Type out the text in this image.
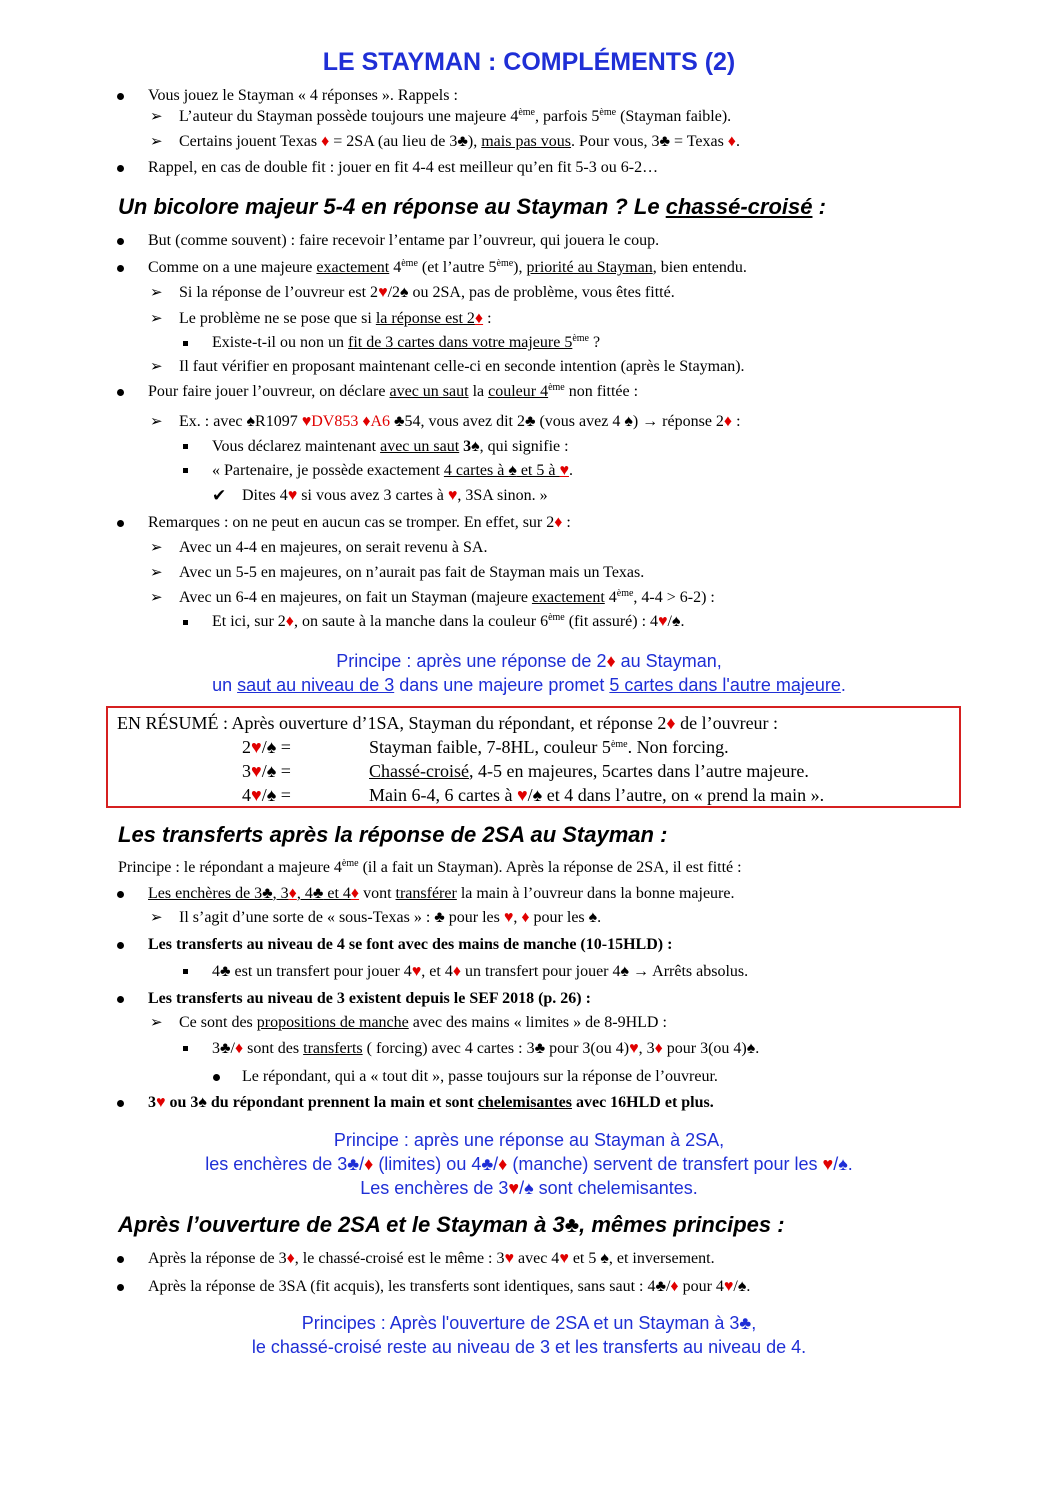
LE STAYMAN : COMPLÉMENTS (2)
Vous jouez le Stayman « 4 réponses ». Rappels :
➢ L’auteur du Stayman possède toujours une majeure 4ème, parfois 5ème (Stayman faible).
➢ Certains jouent Texas ♦ = 2SA (au lieu de 3♣), mais pas vous. Pour vous, 3♣ = Texas ♦.
Rappel, en cas de double fit : jouer en fit 4-4 est meilleur qu’en fit 5-3 ou 6-2…
Un bicolore majeur 5-4 en réponse au Stayman ? Le chassé-croisé :
But (comme souvent) : faire recevoir l’entame par l’ouvreur, qui jouera le coup.
Comme on a une majeure exactement 4ème (et l’autre 5ème), priorité au Stayman, bien entendu.
➢ Si la réponse de l’ouvreur est 2♥/2♠ ou 2SA, pas de problème, vous êtes fitté.
➢ Le problème ne se pose que si la réponse est 2♦ :
Existe-t-il ou non un fit de 3 cartes dans votre majeure 5ème ?
➢ Il faut vérifier en proposant maintenant celle-ci en seconde intention (après le Stayman).
Pour faire jouer l’ouvreur, on déclare avec un saut la couleur 4ème non fittée :
➢ Ex. : avec ♠R1097 ♥DV853 ♦A6 ♣54, vous avez dit 2♣ (vous avez 4 ♠) → réponse 2♦ :
Vous déclarez maintenant avec un saut 3♠, qui signifie :
« Partenaire, je possède exactement 4 cartes à ♠ et 5 à ♥.
✔ Dites 4♥ si vous avez 3 cartes à ♥, 3SA sinon. »
Remarques : on ne peut en aucun cas se tromper. En effet, sur 2♦ :
➢ Avec un 4-4 en majeures, on serait revenu à SA.
➢ Avec un 5-5 en majeures, on n’aurait pas fait de Stayman mais un Texas.
➢ Avec un 6-4 en majeures, on fait un Stayman (majeure exactement 4ème, 4-4 > 6-2) :
Et ici, sur 2♦, on saute à la manche dans la couleur 6ème (fit assuré) : 4♥/♠.
Principe : après une réponse de 2♦ au Stayman,
un saut au niveau de 3 dans une majeure promet 5 cartes dans l'autre majeure.
EN RÉSUMÉ : Après ouverture d’1SA, Stayman du répondant, et réponse 2♦ de l’ouvreur :
2♥/♠ =	Stayman faible, 7-8HL, couleur 5ème. Non forcing.
3♥/♠ =	Chassé-croisé, 4-5 en majeures, 5cartes dans l’autre majeure.
4♥/♠ =	Main 6-4, 6 cartes à ♥/♠ et 4 dans l’autre, on « prend la main ».
Les transferts après la réponse de 2SA au Stayman :
Principe : le répondant a majeure 4ème (il a fait un Stayman). Après la réponse de 2SA, il est fitté :
Les enchères de 3♣, 3♦, 4♣ et 4♦ vont transférer la main à l’ouvreur dans la bonne majeure.
➢ Il s’agit d’une sorte de « sous-Texas » : ♣ pour les ♥, ♦ pour les ♠.
Les transferts au niveau de 4 se font avec des mains de manche (10-15HLD) :
4♣ est un transfert pour jouer 4♥, et 4♦ un transfert pour jouer 4♠ → Arrêts absolus.
Les transferts au niveau de 3 existent depuis le SEF 2018 (p. 26) :
➢ Ce sont des propositions de manche avec des mains « limites » de 8-9HLD :
3♣/♦ sont des transferts ( forcing) avec 4 cartes : 3♣ pour 3(ou 4)♥, 3♦ pour 3(ou 4)♠.
Le répondant, qui a « tout dit », passe toujours sur la réponse de l’ouvreur.
3♥ ou 3♠ du répondant prennent la main et sont chelemisantes avec 16HLD et plus.
Principe : après une réponse au Stayman à 2SA,
les enchères de 3♣/♦ (limites) ou 4♣/♦ (manche) servent de transfert pour les ♥/♠.
Les enchères de 3♥/♠ sont chelemisantes.
Après l’ouverture de 2SA et le Stayman à 3♣, mêmes principes :
Après la réponse de 3♦, le chassé-croisé est le même : 3♥ avec 4♥ et 5 ♠, et inversement.
Après la réponse de 3SA (fit acquis), les transferts sont identiques, sans saut : 4♣/♦ pour 4♥/♠.
Principes : Après l'ouverture de 2SA et un Stayman à 3♣,
le chassé-croisé reste au niveau de 3 et les transferts au niveau de 4.
